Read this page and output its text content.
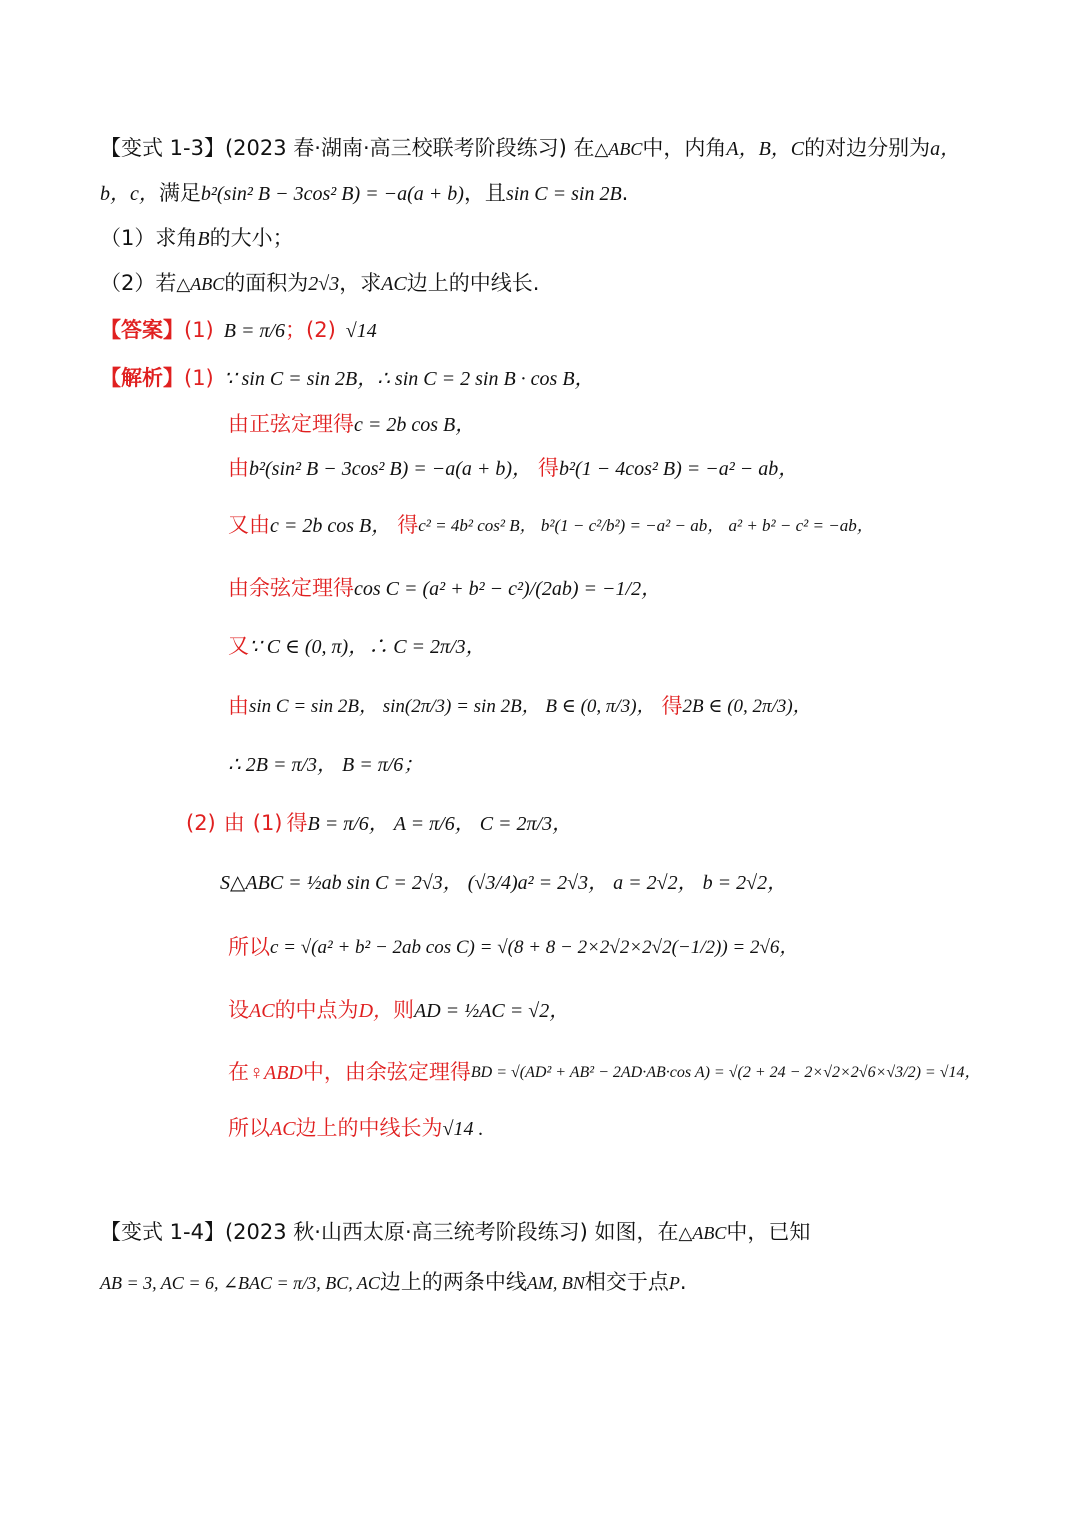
【变式 1-3】(2023 春·湖南·高三校联考阶段练习) 在 △ABC 中，内角 A，B，C 的对边分别为 a，
b，c， 满足 b²(sin² B − 3cos² B) = −a(a + b) ，且 sin C = sin 2B .
（1）求角 B 的大小；
（2）若 △ABC 的面积为 2√3 ，求 AC 边上的中线长.
【答案】 (1) B = π/6 ；(2) √14
【解析】 (1) ∵ sin C = sin 2B，∴ sin C = 2 sin B · cos B，
由正弦定理得 c = 2b cos B，
由 b²(sin² B − 3cos² B) = −a(a + b)， 得 b²(1 − 4cos² B) = −a² − ab，
又由 c = 2b cos B， 得 c² = 4b² cos² B， b²(1 − c²/b²) = −a² − ab， a² + b² − c² = −ab，
由余弦定理得 cos C = (a² + b² − c²)/(2ab) = −1/2，
又 ∵ C ∈ (0, π)，∴ C = 2π/3，
由 sin C = sin 2B， sin(2π/3) = sin 2B， B ∈ (0, π/3)， 得 2B ∈ (0, 2π/3)，
∴ 2B = π/3， B = π/6；
(2) 由 (1) 得 B = π/6， A = π/6， C = 2π/3，
S△ABC = ½ab sin C = 2√3， (√3/4)a² = 2√3， a = 2√2， b = 2√2，
所以 c = √(a² + b² − 2ab cos C) = √(8 + 8 − 2×2√2×2√2(−1/2)) = 2√6，
设 AC 的中点为 D， 则 AD = ½AC = √2，
在 ♀ABD 中，由余弦定理得 BD = √(AD² + AB² − 2AD·AB·cos A) = √(2 + 24 − 2×√2×2√6×√3/2) = √14，
所以 AC 边上的中线长为 √14 .
【变式 1-4】(2023 秋·山西太原·高三统考阶段练习) 如图，在 △ABC 中，已知
AB = 3, AC = 6, ∠BAC = π/3, BC, AC 边上的两条中线 AM, BN 相交于点 P .
